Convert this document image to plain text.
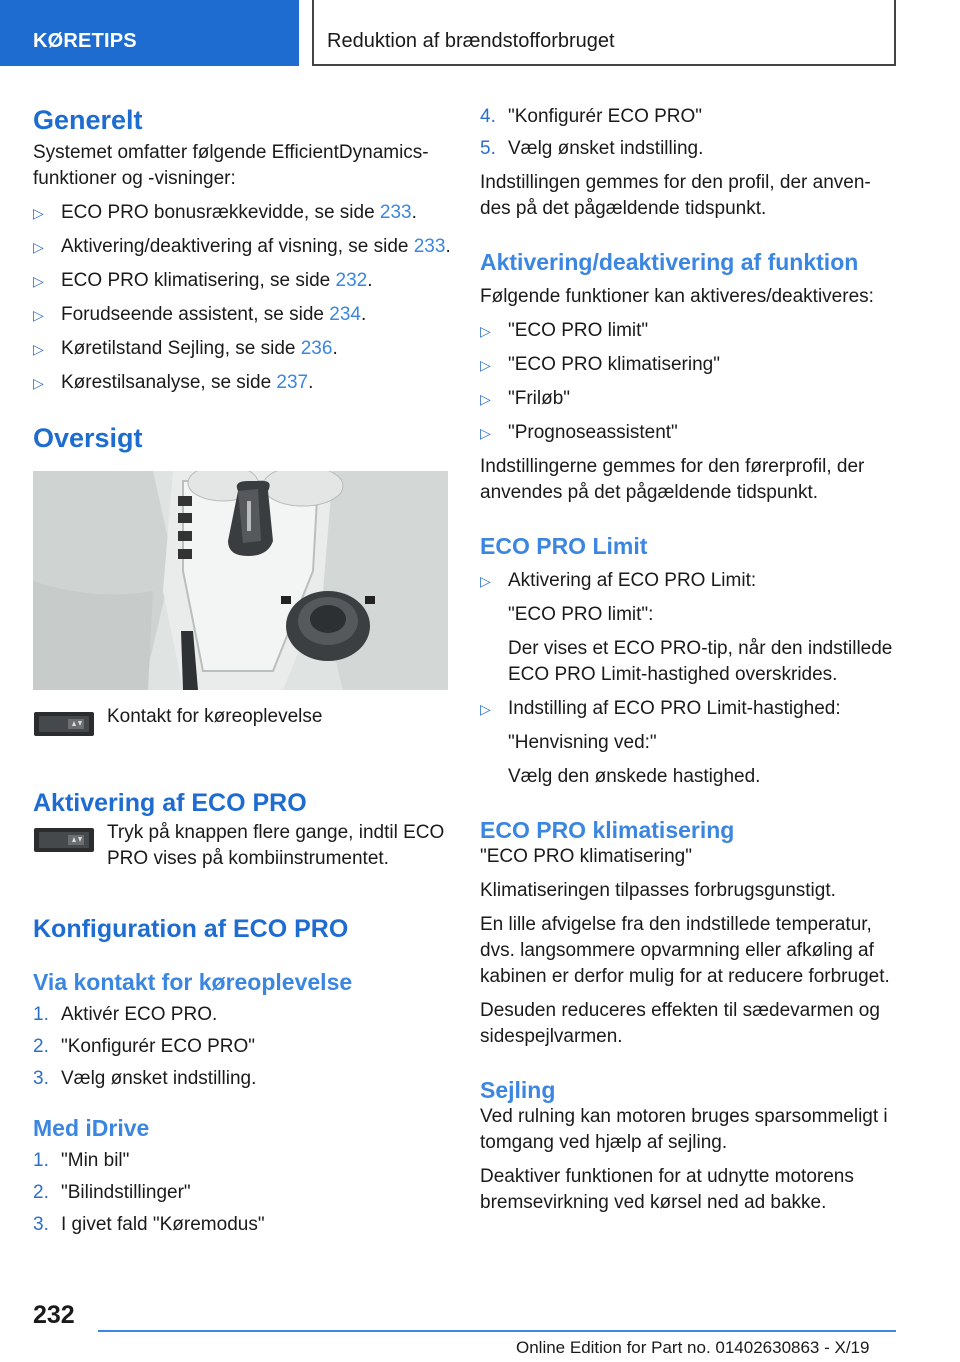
KØRETIPS	Reduktion af brændstofforbruget
Generelt

Systemet omfatter følgende EfficientDynamics-funktioner og -visninger:

▷ ECO PRO bonusrækkevidde, se side 233.
▷ Aktivering/deaktivering af visning, se side 233.
▷ ECO PRO klimatisering, se side 232.
▷ Forudseende assistent, se side 234.
▷ Køretilstand Sejling, se side 236.
▷ Kørestilsanalyse, se side 237.
Oversigt

Kontakt for køreoplevelse

Aktivering af ECO PRO

Tryk på knappen flere gange, indtil ECO PRO vises på kombiinstrumentet.

Konfiguration af ECO PRO
Via kontakt for køreoplevelse
1. Aktivér ECO PRO.
2. "Konfigurér ECO PRO"
3. Vælg ønsket indstilling.
Med iDrive
1. "Min bil"
2. "Bilindstillinger"
3. I givet fald "Køremodus"
4. "Konfigurér ECO PRO"
5. Vælg ønsket indstilling.

Indstillingen gemmes for den profil, der anven-des på det pågældende tidspunkt.

Aktivering/deaktivering af funktion

Følgende funktioner kan aktiveres/deaktiveres:

▷ "ECO PRO limit"
▷ "ECO PRO klimatisering"
▷ "Friløb"
▷ "Prognoseassistent"

Indstillingerne gemmes for den førerprofil, der anvendes på det pågældende tidspunkt.

ECO PRO Limit
▷ Aktivering af ECO PRO Limit:

"ECO PRO limit":

Der vises et ECO PRO-tip, når den indstillede ECO PRO Limit-hastighed overskrides.

▷ Indstilling af ECO PRO Limit-hastighed:

"Henvisning ved:"

Vælg den ønskede hastighed.

ECO PRO klimatisering

"ECO PRO klimatisering"

Klimatiseringen tilpasses forbrugsgunstigt.

En lille afvigelse fra den indstillede temperatur, dvs. langsommere opvarmning eller afkøling af kabinen er derfor mulig for at reducere forbruget.

Desuden reduceres effekten til sædevarmen og sidespejlvarmen.

Sejling

Ved rulning kan motoren bruges sparsommeligt i tomgang ved hjælp af sejling.

Deaktiver funktionen for at udnytte motorens bremsevirkning ved kørsel ned ad bakke.

232
Online Edition for Part no. 01402630863 - X/19
